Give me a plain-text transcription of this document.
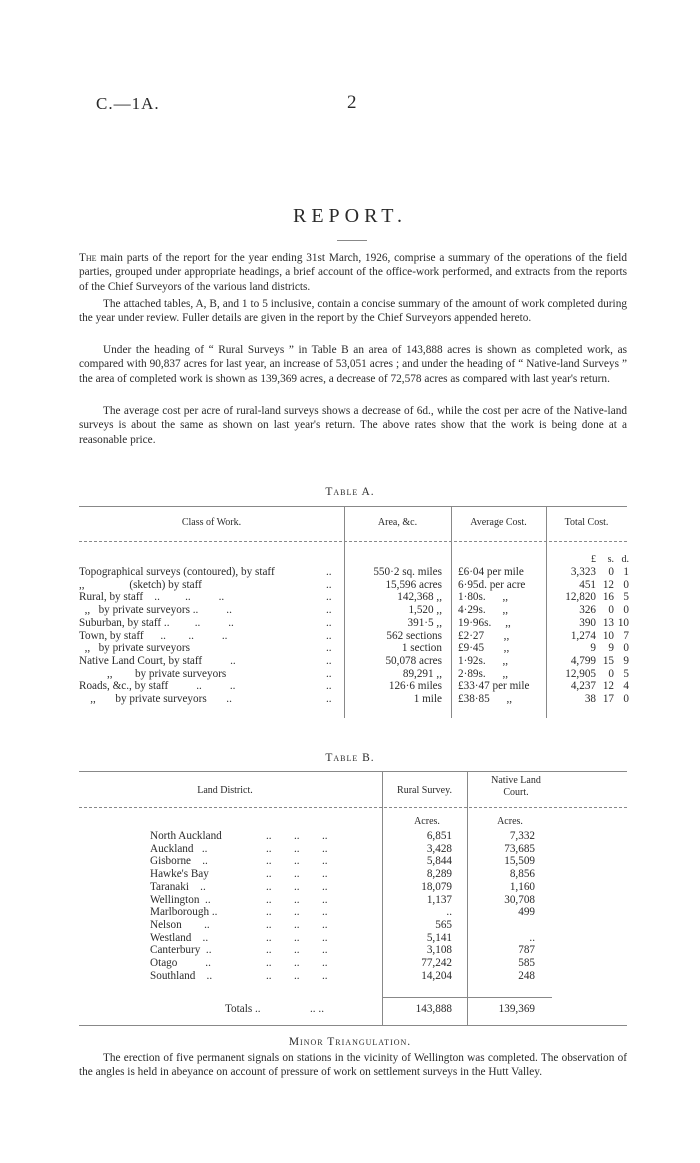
C.—1A.	2
REPORT.

The main parts of the report for the year ending 31st March, 1926, comprise a summary of the operations of the field parties, grouped under appropriate headings, a brief account of the office-work performed, and extracts from the reports of the Chief Surveyors of the various land districts.

The attached tables, A, B, and 1 to 5 inclusive, contain a concise summary of the amount of work completed during the year under review. Fuller details are given in the report by the Chief Surveyors appended hereto.

Under the heading of “ Rural Surveys ” in Table B an area of 143,888 acres is shown as completed work, as compared with 90,837 acres for last year, an increase of 53,051 acres ; and under the heading of “ Native-land Surveys ” the area of completed work is shown as 139,369 acres, a decrease of 72,578 acres as compared with last year's return.

The average cost per acre of rural-land surveys shows a decrease of 6d., while the cost per acre of the Native-land surveys is about the same as shown on last year's return. The above rates show that the work is being done at a reasonable price.

Table A.
Class of Work.	Area, &c.	Average Cost.	Total Cost.
£	s. d.
Topographical surveys (contoured), by staff	..	550·2 sq. miles £6·04 per mile	3,323	0 1
,,                (sketch) by staff	..	15,596 acres 6·95d. per acre	451 12 0
Rural, by staff    ..         ..          ..	..	142,368 ,, 1·80s.      ,,	12,820 16 5
,,   by private surveyors ..          ..	..	1,520 ,, 4·29s.      ,,	326	0 0
Suburban, by staff ..         ..          ..	..	391·5 ,, 19·96s.     ,,	390 13 10
Town, by staff      ..        ..          ..	..	562 sections £2·27       ,,	1,274 10 7
,,   by private surveyors	..	1 section £9·45       ,,	9	9 0
Native Land Court, by staff          ..	..	50,078 acres 1·92s.      ,,	4,799 15 9
,,        by private surveyors	..	89,291 ,, 2·89s.      ,,	12,905	0 5
Roads, &c., by staff          ..          ..	..	126·6 miles £33·47 per mile	4,237 12 4
,,       by private surveyors       ..	..	1 mile £38·85      ,,	38 17 0
Table B.
Land District.	Rural Survey.
Native Land Court.
Acres.	Acres.
North Auckland	..        ..        ..	6,851	7,332
Auckland   ..	..        ..        ..	3,428	73,685
Gisborne    ..	..        ..        ..	5,844	15,509
Hawke's Bay	..        ..        ..	8,289	8,856
Taranaki    ..	..        ..        ..	18,079	1,160
Wellington  ..	..        ..        ..	1,137	30,708
Marlborough ..	..        ..        ..	..	499
Nelson        ..	..        ..        ..	565
Westland    ..	..        ..        ..	5,141	..
Canterbury  ..	..        ..        ..	3,108	787
Otago          ..	..        ..        ..	77,242	585
Southland    ..	..        ..        ..	14,204	248
Totals ..	.. ..	143,888	139,369
Minor Triangulation.

The erection of five permanent signals on stations in the vicinity of Wellington was completed. The observation of the angles is held in abeyance on account of pressure of work on settlement surveys in the Hutt Valley.
